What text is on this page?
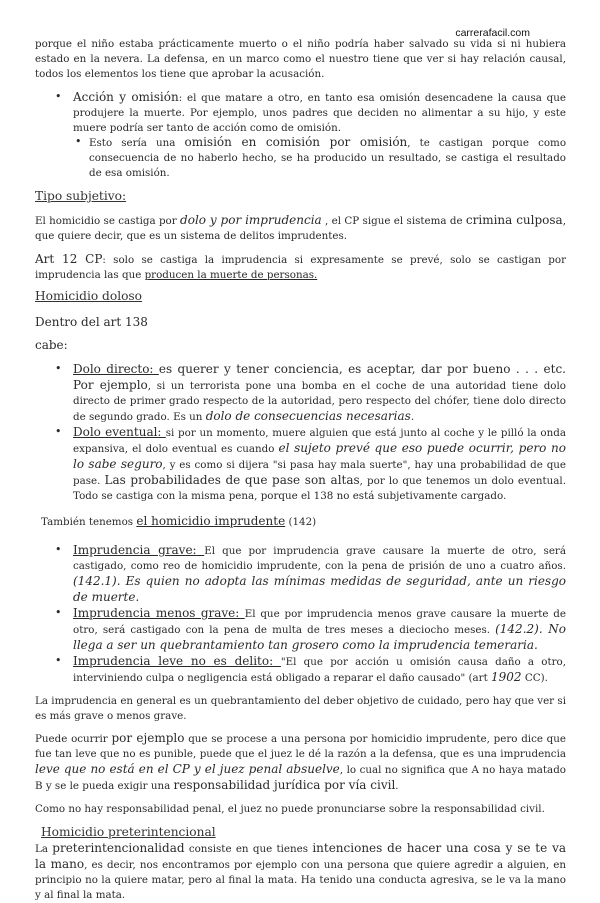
carrerafacil.com

porque el niño estaba prácticamente muerto o el niño podría haber salvado su vida si ni hubiera estado en la nevera. La defensa, en un marco como el nuestro tiene que ver si hay relación causal, todos los elementos los tiene que aprobar la acusación.

• Acción y omisión: el que matare a otro, en tanto esa omisión desencadene la causa que produjere la muerte. Por ejemplo, unos padres que deciden no alimentar a su hijo, y este muere podría ser tanto de acción como de omisión.

• Esto sería una omisión en comisión por omisión, te castigan porque como consecuencia de no haberlo hecho, se ha producido un resultado, se castiga el resultado de esa omisión.

Tipo subjetivo:

El homicidio se castiga por dolo y por imprudencia , el CP sigue el sistema de crimina culposa, que quiere decir, que es un sistema de delitos imprudentes.

Art 12 CP: solo se castiga la imprudencia si expresamente se prevé, solo se castigan por imprudencia las que producen la muerte de personas.

Homicidio doloso

Dentro del art 138

cabe:

• Dolo directo: es querer y tener conciencia, es aceptar, dar por bueno . . . etc. Por ejemplo, si un terrorista pone una bomba en el coche de una autoridad tiene dolo directo de primer grado respecto de la autoridad, pero respecto del chófer, tiene dolo directo de segundo grado. Es un dolo de consecuencias necesarias.

• Dolo eventual: si por un momento, muere alguien que está junto al coche y le pilló la onda expansiva, el dolo eventual es cuando el sujeto prevé que eso puede ocurrir, pero no lo sabe seguro, y es como si dijera "si pasa hay mala suerte", hay una probabilidad de que pase. Las probabilidades de que pase son altas, por lo que tenemos un dolo eventual. Todo se castiga con la misma pena, porque el 138 no está subjetivamente cargado.

También tenemos el homicidio imprudente (142)

• Imprudencia grave: El que por imprudencia grave causare la muerte de otro, será castigado, como reo de homicidio imprudente, con la pena de prisión de uno a cuatro años. (142.1). Es quien no adopta las mínimas medidas de seguridad, ante un riesgo de muerte.

• Imprudencia menos grave: El que por imprudencia menos grave causare la muerte de otro, será castigado con la pena de multa de tres meses a dieciocho meses. (142.2). No llega a ser un quebrantamiento tan grosero como la imprudencia temeraria.

• Imprudencia leve no es delito: "El que por acción u omisión causa daño a otro, interviniendo culpa o negligencia está obligado a reparar el daño causado" (art 1902 CC).

La imprudencia en general es un quebrantamiento del deber objetivo de cuidado, pero hay que ver si es más grave o menos grave.

Puede ocurrir por ejemplo que se procese a una persona por homicidio imprudente, pero dice que fue tan leve que no es punible, puede que el juez le dé la razón a la defensa, que es una imprudencia leve que no está en el CP y el juez penal absuelve, lo cual no significa que A no haya matado B y se le pueda exigir una responsabilidad jurídica por vía civil.

Como no hay responsabilidad penal, el juez no puede pronunciarse sobre la responsabilidad civil.

Homicidio preterintencional

La preterintencionalidad consiste en que tienes intenciones de hacer una cosa y se te va la mano, es decir, nos encontramos por ejemplo con una persona que quiere agredir a alguien, en principio no la quiere matar, pero al final la mata. Ha tenido una conducta agresiva, se le va la mano y al final la mata.
